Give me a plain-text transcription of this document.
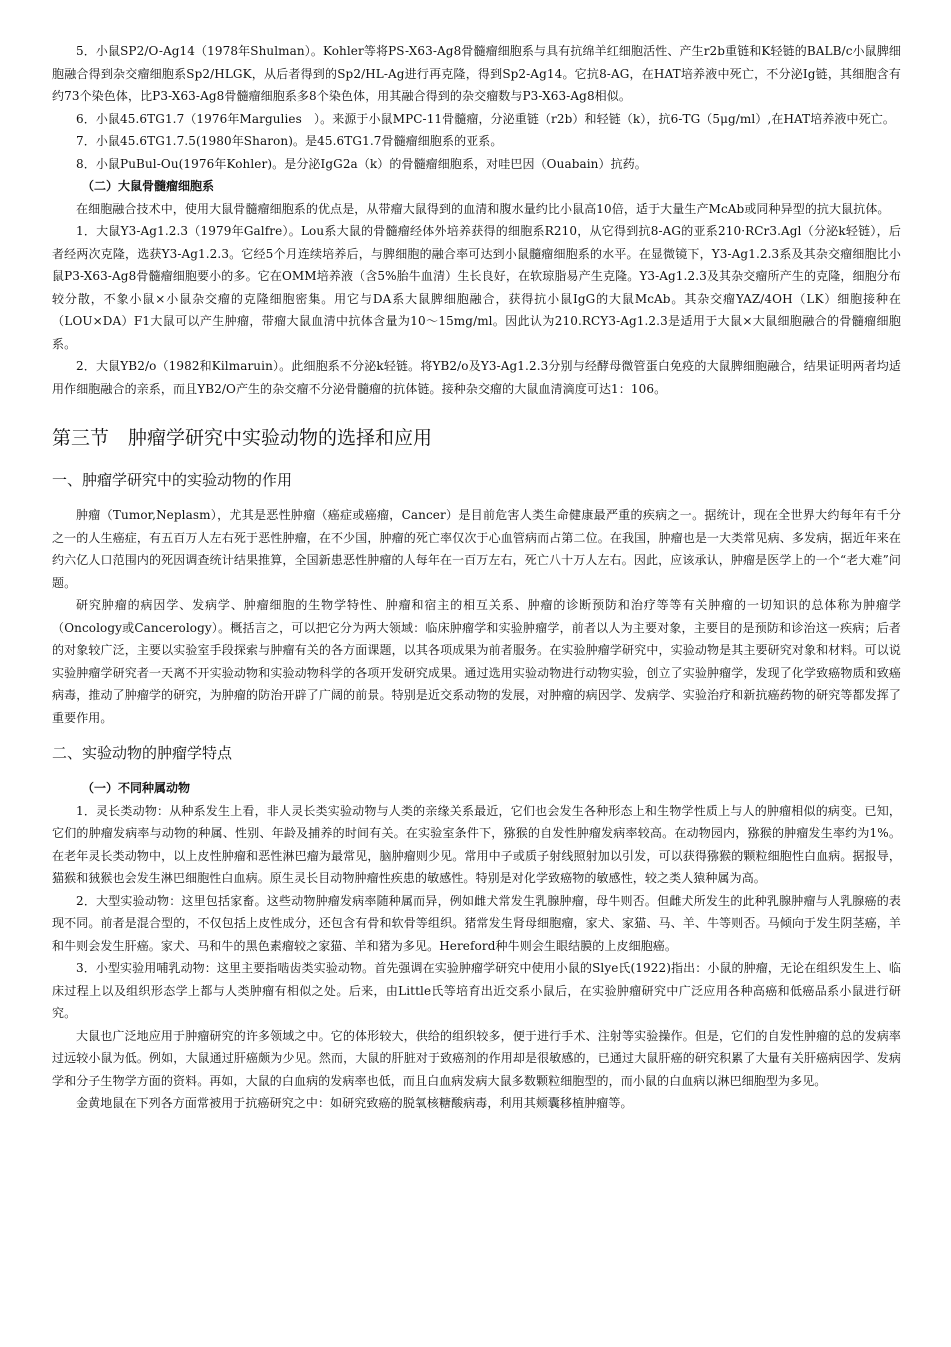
5．小鼠SP2/O-Ag14（1978年Shulman）。Kohler等将PS-X63-Ag8骨髓瘤细胞系与具有抗绵羊红细胞活性、产生r2b重链和K轻链的BALB/c小鼠脾细胞融合得到杂交瘤细胞系Sp2/HLGK，从后者得到的Sp2/HL-Ag进行再克隆，得到Sp2-Ag14。它抗8-AG，在HAT培养液中死亡，不分泌Ig链，其细胞含有约73个染色体，比P3-X63-Ag8骨髓瘤细胞系多8个染色体，用其融合得到的杂交瘤数与P3-X63-Ag8相似。

6．小鼠45.6TG1.7（1976年Margulies　）。来源于小鼠MPC-11骨髓瘤，分泌重链（r2b）和轻链（k），抗6-TG（5μg/ml）,在HAT培养液中死亡。

7．小鼠45.6TG1.7.5(1980年Sharon)。是45.6TG1.7骨髓瘤细胞系的亚系。

8．小鼠PuBul-Ou(1976年Kohler)。是分泌IgG2a（k）的骨髓瘤细胞系，对哇巴因（Ouabain）抗药。

（二）大鼠骨髓瘤细胞系

在细胞融合技术中，使用大鼠骨髓瘤细胞系的优点是，从带瘤大鼠得到的血清和腹水量约比小鼠高10倍，适于大量生产McAb或同种异型的抗大鼠抗体。

1．大鼠Y3-Ag1.2.3（1979年Galfre）。Lou系大鼠的骨髓瘤经体外培养获得的细胞系R210，从它得到抗8-AG的亚系210·RCr3.Agl（分泌k轻链），后者经两次克隆，选获Y3-Ag1.2.3。它经5个月连续培养后，与脾细胞的融合率可达到小鼠髓瘤细胞系的水平。在显微镜下，Y3-Ag1.2.3系及其杂交瘤细胞比小鼠P3-X63-Ag8骨髓瘤细胞要小的多。它在OMM培养液（含5%胎牛血清）生长良好，在软琼脂易产生克隆。Y3-Ag1.2.3及其杂交瘤所产生的克隆，细胞分布较分散，不象小鼠×小鼠杂交瘤的克隆细胞密集。用它与DA系大鼠脾细胞融合，获得抗小鼠IgG的大鼠McAb。其杂交瘤YAZ/4OH（LK）细胞接种在（LOU×DA）F1大鼠可以产生肿瘤，带瘤大鼠血清中抗体含量为10～15mg/ml。因此认为210.RCY3-Ag1.2.3是适用于大鼠×大鼠细胞融合的骨髓瘤细胞系。

2．大鼠YB2/o（1982和Kilmaruin）。此细胞系不分泌k轻链。将YB2/o及Y3-Ag1.2.3分别与经酵母微管蛋白免疫的大鼠脾细胞融合，结果证明两者均适用作细胞融合的亲系，而且YB2/O产生的杂交瘤不分泌骨髓瘤的抗体链。接种杂交瘤的大鼠血清滴度可达1：106。

第三节　肿瘤学研究中实验动物的选择和应用
一、肿瘤学研究中的实验动物的作用

肿瘤（Tumor,Neplasm），尤其是恶性肿瘤（癌症或癌瘤，Cancer）是目前危害人类生命健康最严重的疾病之一。据统计，现在全世界大约每年有千分之一的人生癌症，有五百万人左右死于恶性肿瘤，在不少国，肿瘤的死亡率仅次于心血管病而占第二位。在我国，肿瘤也是一大类常见病、多发病，据近年来在约六亿人口范围内的死因调查统计结果推算，全国新患恶性肿瘤的人每年在一百万左右，死亡八十万人左右。因此，应该承认，肿瘤是医学上的一个“老大难”问题。

研究肿瘤的病因学、发病学、肿瘤细胞的生物学特性、肿瘤和宿主的相互关系、肿瘤的诊断预防和治疗等等有关肿瘤的一切知识的总体称为肿瘤学（Oncology或Cancerology）。概括言之，可以把它分为两大领域：临床肿瘤学和实验肿瘤学，前者以人为主要对象，主要目的是预防和诊治这一疾病；后者的对象较广泛，主要以实验室手段探索与肿瘤有关的各方面课题，以其各项成果为前者服务。在实验肿瘤学研究中，实验动物是其主要研究对象和材料。可以说实验肿瘤学研究者一天离不开实验动物和实验动物科学的各项开发研究成果。通过选用实验动物进行动物实验，创立了实验肿瘤学，发现了化学致癌物质和致癌病毒，推动了肿瘤学的研究，为肿瘤的防治开辟了广阔的前景。特别是近交系动物的发展，对肿瘤的病因学、发病学、实验治疗和新抗癌药物的研究等都发挥了重要作用。

二、实验动物的肿瘤学特点

（一）不同种属动物

1．灵长类动物：从种系发生上看，非人灵长类实验动物与人类的亲缘关系最近，它们也会发生各种形态上和生物学性质上与人的肿瘤相似的病变。已知，它们的肿瘤发病率与动物的种属、性别、年龄及捕养的时间有关。在实验室条件下，猕猴的自发性肿瘤发病率较高。在动物园内，猕猴的肿瘤发生率约为1%。在老年灵长类动物中，以上皮性肿瘤和恶性淋巴瘤为最常见，脑肿瘤则少见。常用中子或质子射线照射加以引发，可以获得猕猴的颗粒细胞性白血病。据报导，猫猴和狨猴也会发生淋巴细胞性白血病。原生灵长目动物肿瘤性疾患的敏感性。特别是对化学致癌物的敏感性，较之类人猿种属为高。

2．大型实验动物：这里包括家畜。这些动物肿瘤发病率随种属而异，例如雌犬常发生乳腺肿瘤，母牛则否。但雌犬所发生的此种乳腺肿瘤与人乳腺癌的表现不同。前者是混合型的，不仅包括上皮性成分，还包含有骨和软骨等组织。猪常发生肾母细胞瘤，家犬、家猫、马、羊、牛等则否。马倾向于发生阴茎癌，羊和牛则会发生肝癌。家犬、马和牛的黑色素瘤较之家猫、羊和猪为多见。Hereford种牛则会生眼结膜的上皮细胞癌。

3．小型实验用哺乳动物：这里主要指啮齿类实验动物。首先强调在实验肿瘤学研究中使用小鼠的Slye氏(1922)指出：小鼠的肿瘤，无论在组织发生上、临床过程上以及组织形态学上都与人类肿瘤有相似之处。后来，由Little氏等培育出近交系小鼠后，在实验肿瘤研究中广泛应用各种高癌和低癌品系小鼠进行研究。

大鼠也广泛地应用于肿瘤研究的许多领域之中。它的体形较大，供给的组织较多，便于进行手术、注射等实验操作。但是，它们的自发性肿瘤的总的发病率过远较小鼠为低。例如，大鼠通过肝癌颇为少见。然而，大鼠的肝脏对于致癌剂的作用却是很敏感的，已通过大鼠肝癌的研究积累了大量有关肝癌病因学、发病学和分子生物学方面的资料。再如，大鼠的白血病的发病率也低，而且白血病发病大鼠多数颗粒细胞型的，而小鼠的白血病以淋巴细胞型为多见。

金黄地鼠在下列各方面常被用于抗癌研究之中：如研究致癌的脱氧核糖酸病毒，利用其颊囊移植肿瘤等。
